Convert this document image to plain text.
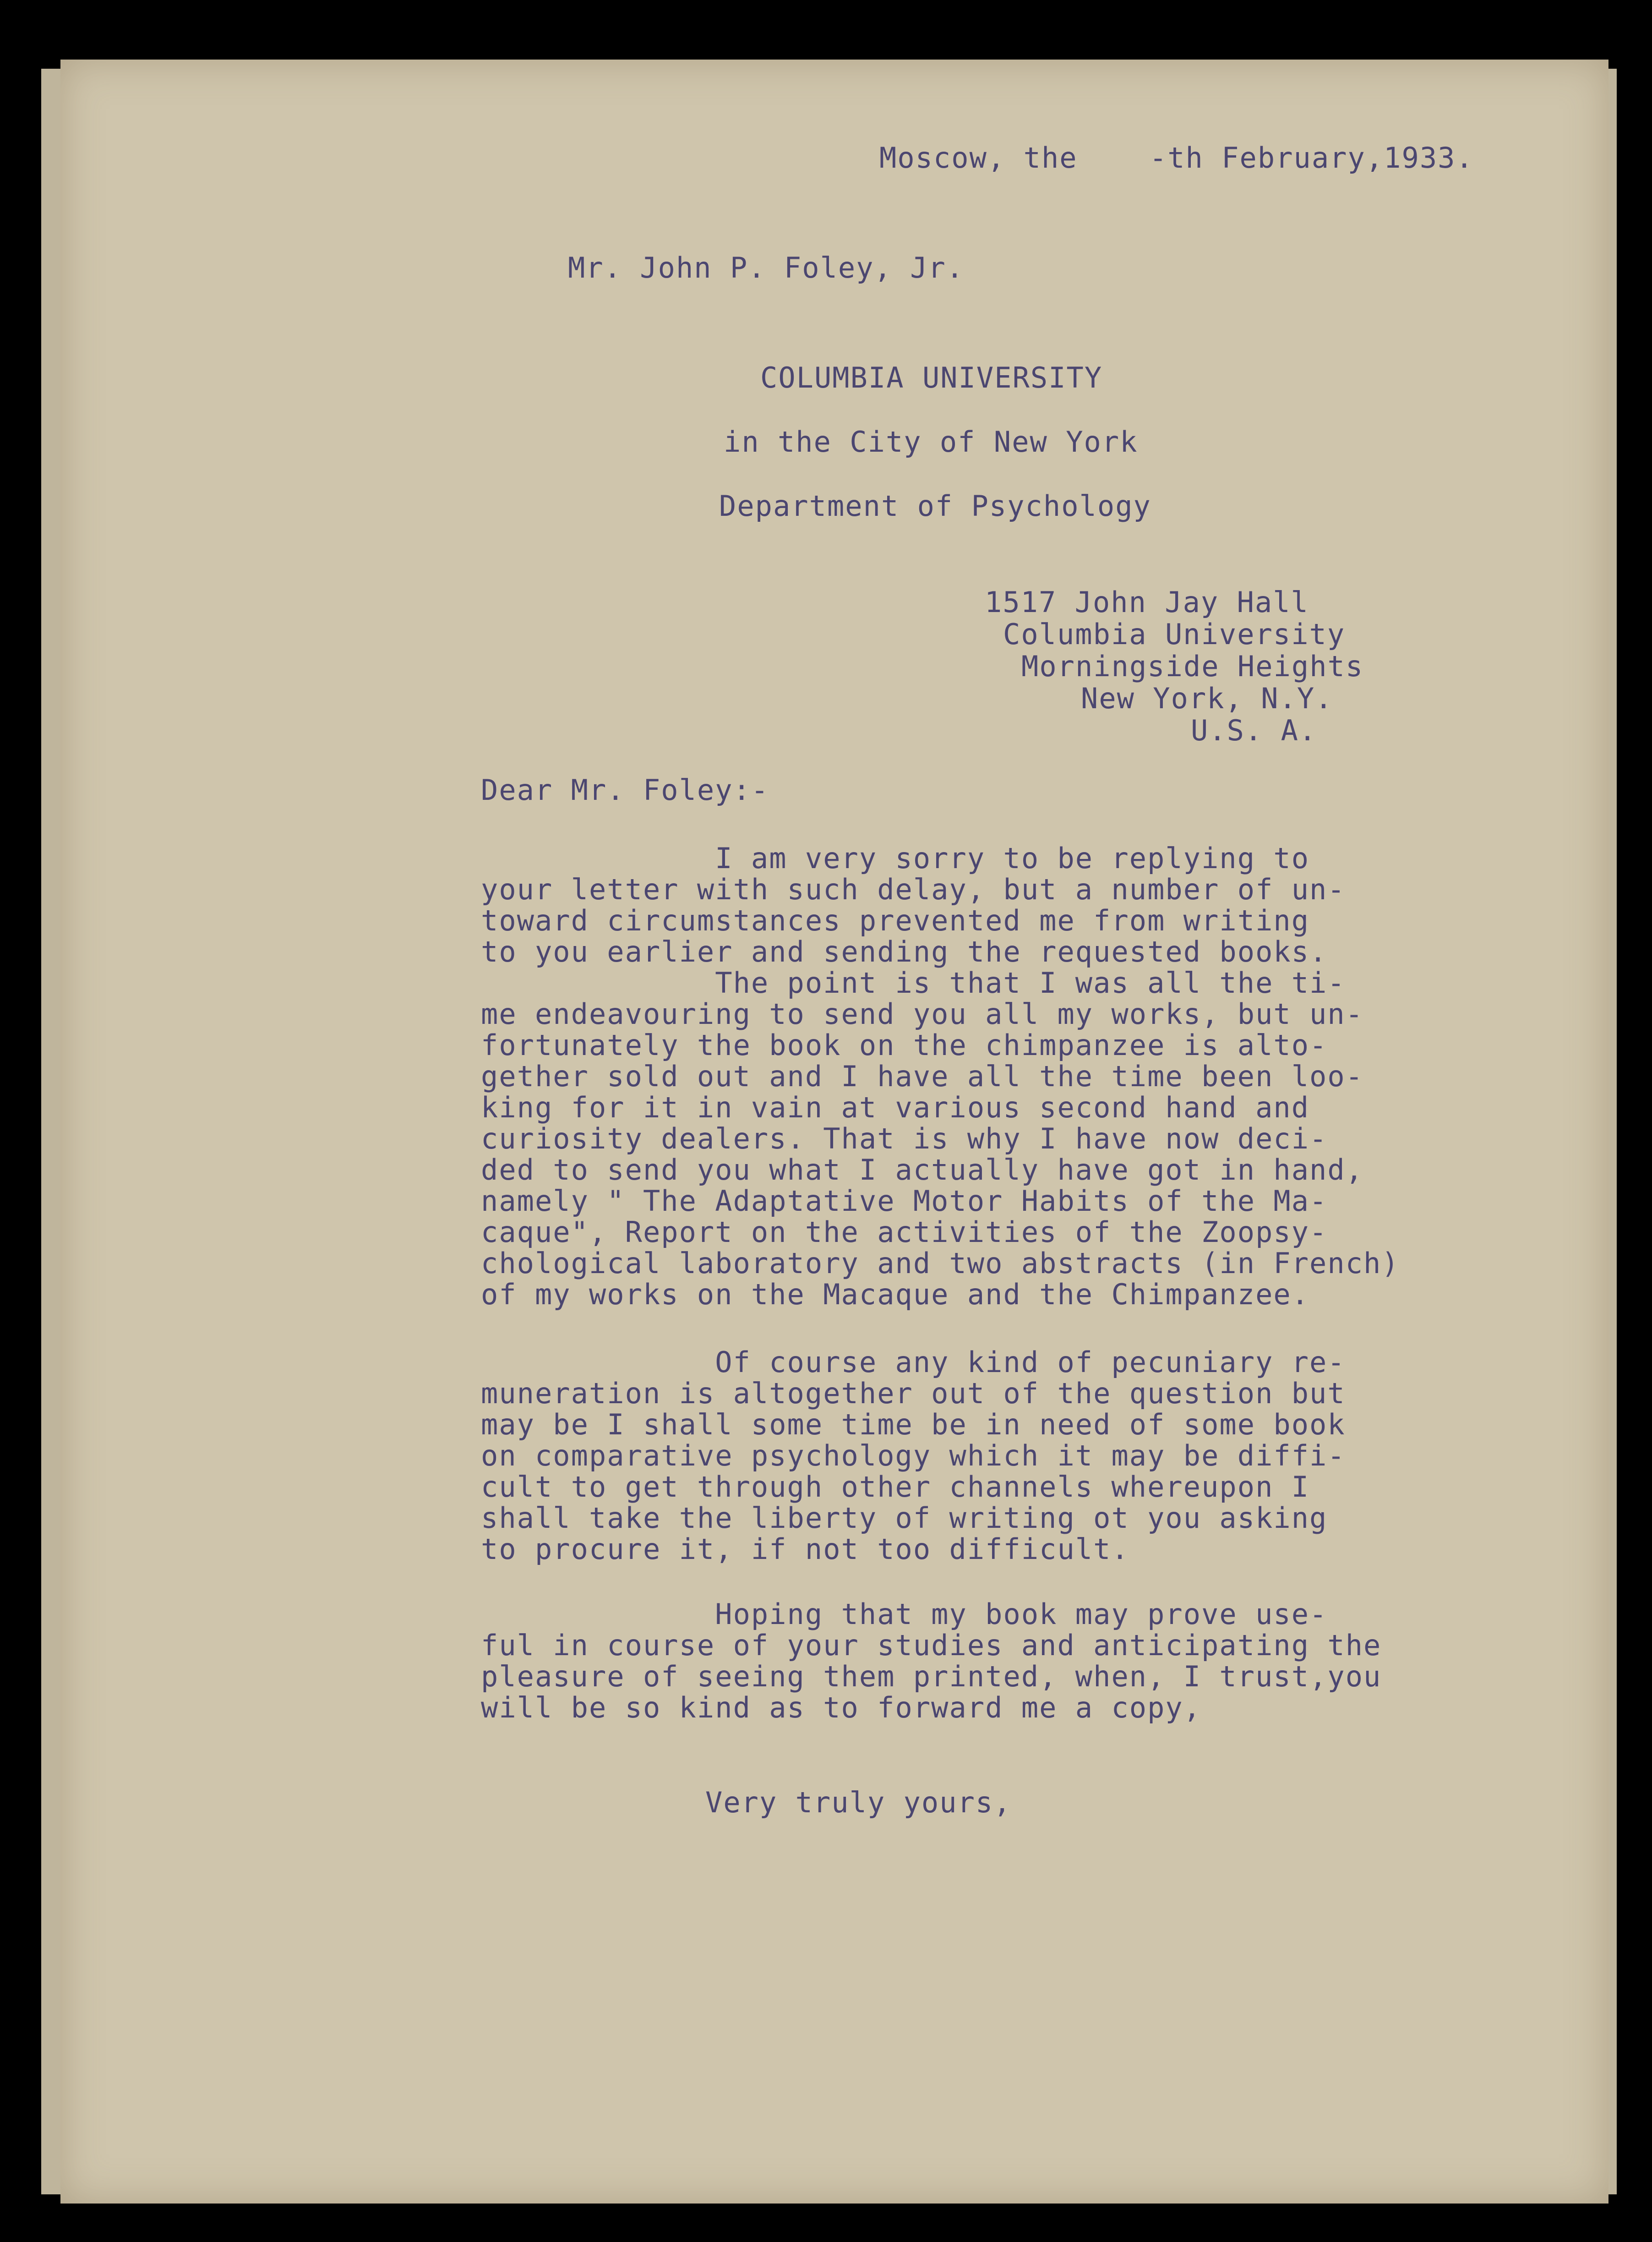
Moscow, the    -th February,1933.
Mr. John P. Foley, Jr.
COLUMBIA UNIVERSITY
in the City of New York
Department of Psychology
1517 John Jay Hall
Columbia University
Morningside Heights
New York, N.Y.
U.S. A.
Dear Mr. Foley:-
I am very sorry to be replying to
your letter with such delay, but a number of un-
toward circumstances prevented me from writing
to you earlier and sending the requested books.
The point is that I was all the ti-
me endeavouring to send you all my works, but un-
fortunately the book on the chimpanzee is alto-
gether sold out and I have all the time been loo-
king for it in vain at various second hand and
curiosity dealers. That is why I have now deci-
ded to send you what I actually have got in hand,
namely " The Adaptative Motor Habits of the Ma-
caque", Report on the activities of the Zoopsy-
chological laboratory and two abstracts (in French)
of my works on the Macaque and the Chimpanzee.
Of course any kind of pecuniary re-
muneration is altogether out of the question but
may be I shall some time be in need of some book
on comparative psychology which it may be diffi-
cult to get through other channels whereupon I
shall take the liberty of writing ot you asking
to procure it, if not too difficult.
Hoping that my book may prove use-
ful in course of your studies and anticipating the
pleasure of seeing them printed, when, I trust,you
will be so kind as to forward me a copy,
Very truly yours,
